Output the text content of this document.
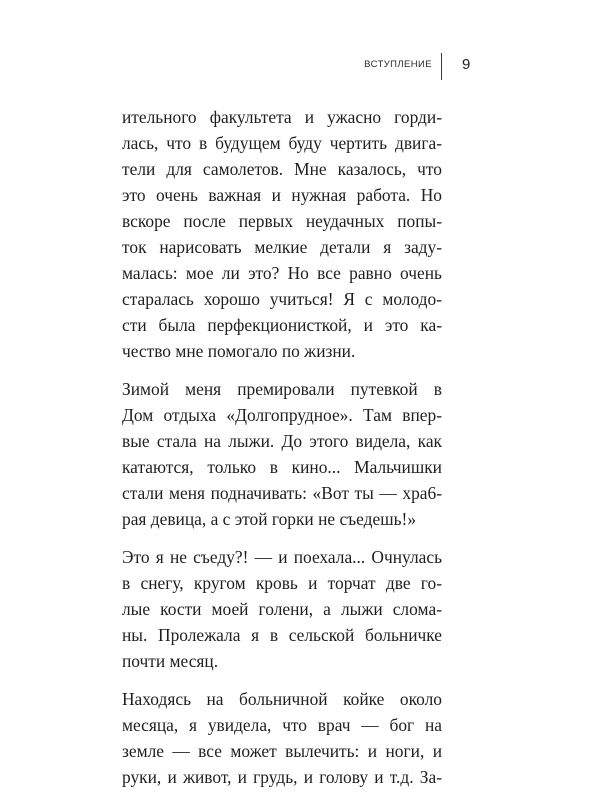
ВСТУПЛЕНИЕ 9
ительного факультета и ужасно горди-
лась, что в будущем буду чертить двига-
тели для самолетов. Мне казалось, что
это очень важная и нужная работа. Но
вскоре после первых неудачных попы-
ток нарисовать мелкие детали я заду-
малась: мое ли это? Но все равно очень
старалась хорошо учиться! Я с молодо-
сти была перфекционисткой, и это ка-
чество мне помогало по жизни.
Зимой меня премировали путевкой в
Дом отдыха «Долгопрудное». Там впер-
вые стала на лыжи. До этого видела, как
катаются, только в кино... Мальчишки
стали меня подначивать: «Вот ты — хра6-
рая девица, а с этой горки не съедешь!»
Это я не съеду?! — и поехала... Очнулась
в снегу, кругом кровь и торчат две го-
лые кости моей голени, а лыжи сломa-
ны. Пролежала я в сельской больничке
почти месяц.
Находясь на больничной койке около
месяца, я увидела, что врач — бог на
земле — все может вылечить: и ноги, и
руки, и живот, и грудь, и голову и т.д. За-
